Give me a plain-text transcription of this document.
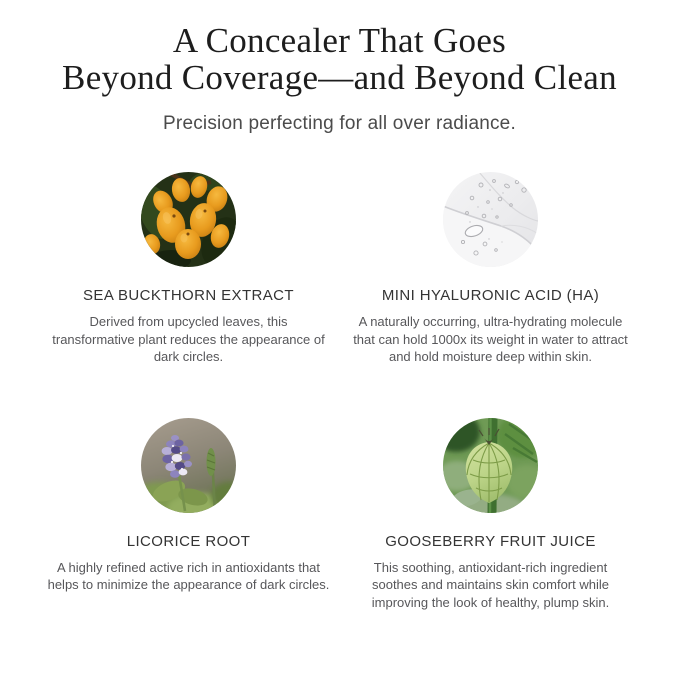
A Concealer That Goes
Beyond Coverage—and Beyond Clean
Precision perfecting for all over radiance.
SEA BUCKTHORN EXTRACT

Derived from upcycled leaves, this transformative plant reduces the appearance of dark circles.

MINI HYALURONIC ACID (HA)

A naturally occurring, ultra-hydrating molecule that can hold 1000x its weight in water to attract and hold moisture deep within skin.

LICORICE ROOT

A highly refined active rich in antioxidants that helps to minimize the appearance of dark circles.

GOOSEBERRY FRUIT JUICE

This soothing, antioxidant-rich ingredient soothes and maintains skin comfort while improving the look of healthy, plump skin.
